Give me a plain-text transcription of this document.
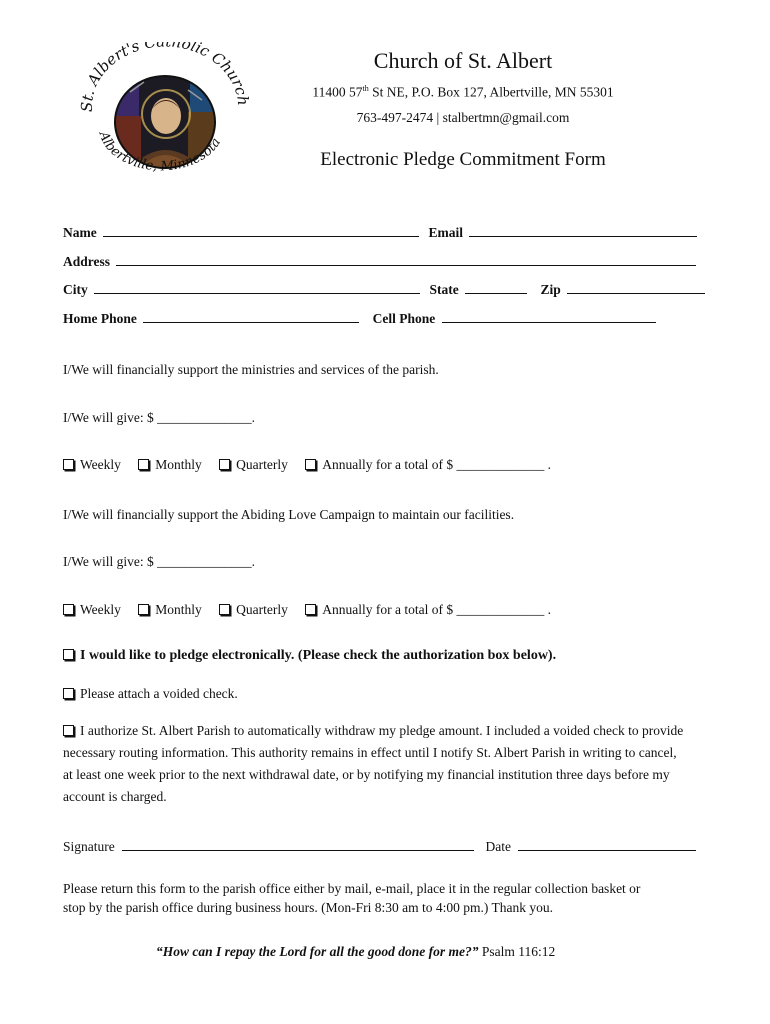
St. Albert's C holic Churc
Albertville, Minnesota
Church of St. Albert
11400 57th St NE, P.O. Box 127, Albertville, MN 55301
763-497-2474 | stalbertmn@gmail.com
Electronic Pledge Commitment Form
Name	Email
Address
City	State	Zip
Home Phone	Cell Phone
I/We will financially support the ministries and services of the parish.
I/We will give: $ ______________.
Weekly	Monthly	Quarterly	Annually for a total of $ _____________ .
I/We will financially support the Abiding Love Campaign to maintain our facilities.
I/We will give: $ ______________.
Weekly	Monthly	Quarterly	Annually for a total of $ _____________ .
I would like to pledge electronically. (Please check the authorization box below).
Please attach a voided check.
I authorize St. Albert Parish to automatically withdraw my pledge amount. I included a voided check to provide
necessary routing information. This authority remains in effect until I notify St. Albert Parish in writing to cancel,
at least one week prior to the next withdrawal date, or by notifying my financial institution three days before my
account is charged.
Signature	Date
Please return this form to the parish office either by mail, e-mail, place it in the regular collection basket or
stop by the parish office during business hours. (Mon-Fri 8:30 am to 4:00 pm.) Thank you.
“How can I repay the Lord for all the good done for me?” Psalm 116:12
